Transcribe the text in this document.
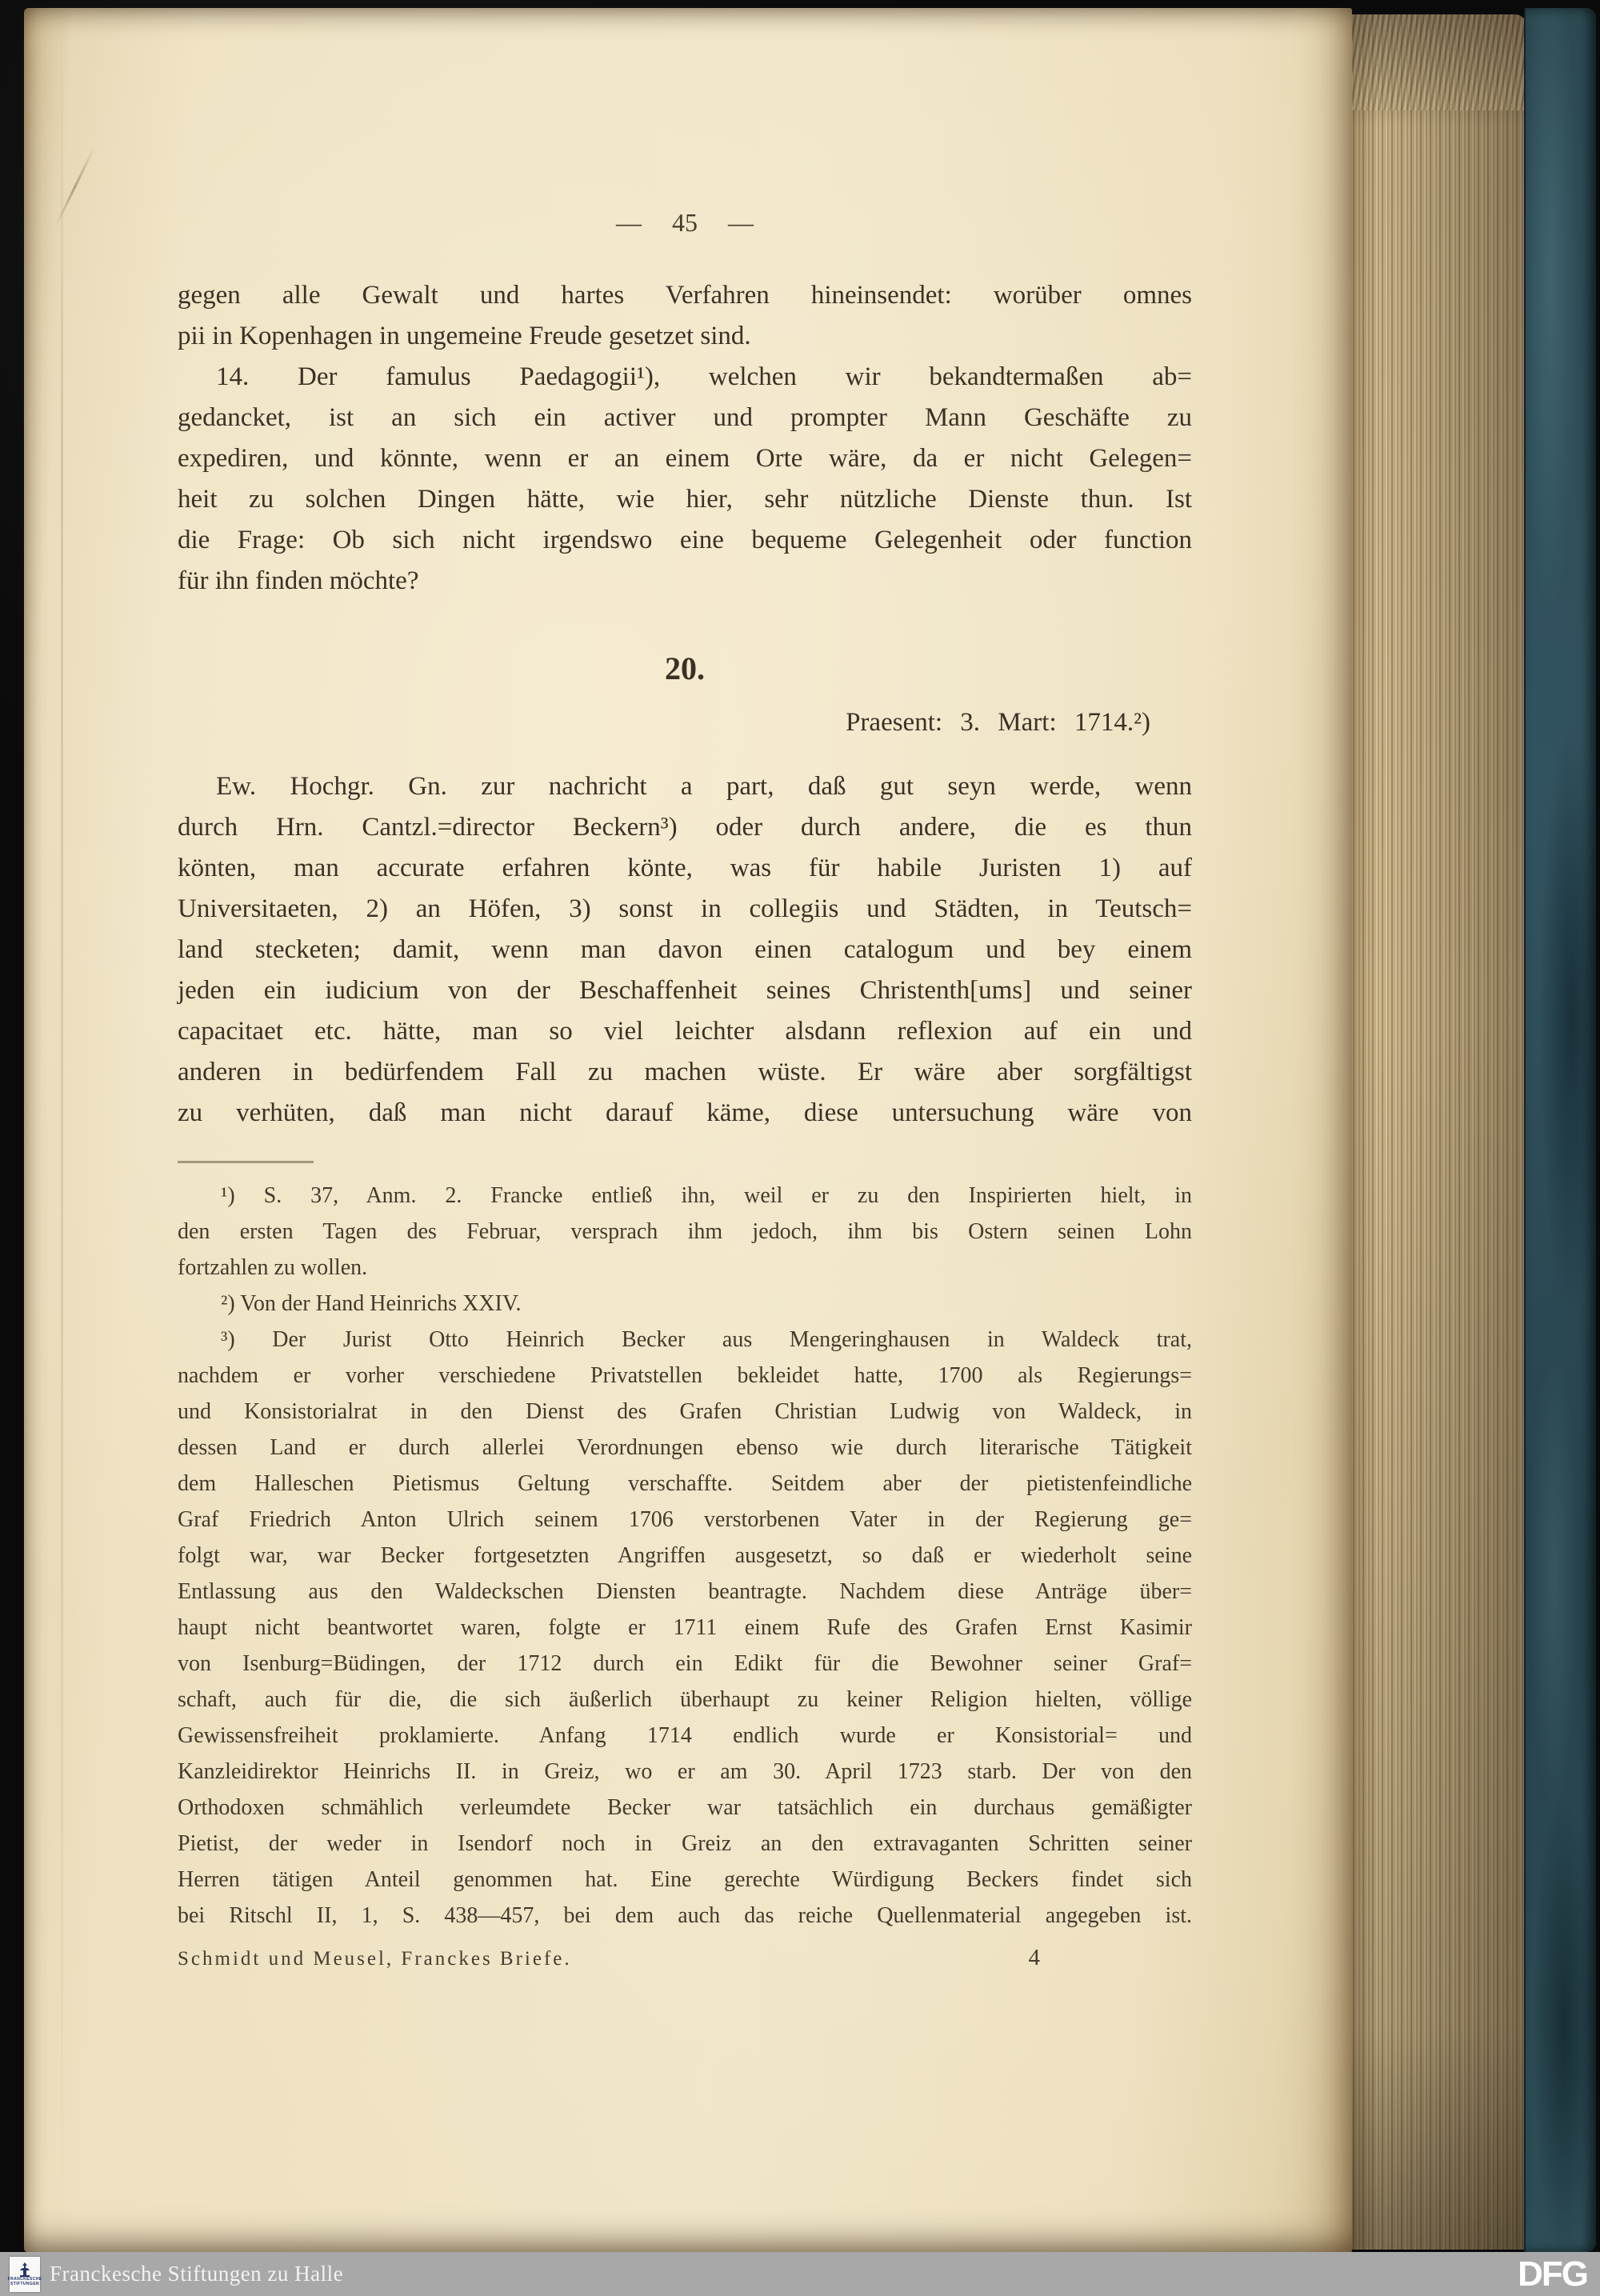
— 45 —
gegen alle Gewalt und hartes Verfahren hineinsendet: worüber omnes
pii in Kopenhagen in ungemeine Freude gesetzet sind.
14. Der famulus Paedagogii¹), welchen wir bekandtermaßen ab=
gedancket, ist an sich ein activer und prompter Mann Geschäfte zu
expediren, und könnte, wenn er an einem Orte wäre, da er nicht Gelegen=
heit zu solchen Dingen hätte, wie hier, sehr nützliche Dienste thun. Ist
die Frage: Ob sich nicht irgendswo eine bequeme Gelegenheit oder function
für ihn finden möchte?
20.
Praesent: 3. Mart: 1714.²)
Ew. Hochgr. Gn. zur nachricht a part, daß gut seyn werde, wenn
durch Hrn. Cantzl.=director Beckern³) oder durch andere, die es thun
könten, man accurate erfahren könte, was für habile Juristen 1) auf
Universitaeten, 2) an Höfen, 3) sonst in collegiis und Städten, in Teutsch=
land stecketen; damit, wenn man davon einen catalogum und bey einem
jeden ein iudicium von der Beschaffenheit seines Christenth[ums] und seiner
capacitaet etc. hätte, man so viel leichter alsdann reflexion auf ein und
anderen in bedürfendem Fall zu machen wüste. Er wäre aber sorgfältigst
zu verhüten, daß man nicht darauf käme, diese untersuchung wäre von
¹) S. 37, Anm. 2. Francke entließ ihn, weil er zu den Inspirierten hielt, in
den ersten Tagen des Februar, versprach ihm jedoch, ihm bis Ostern seinen Lohn
fortzahlen zu wollen.
²) Von der Hand Heinrichs XXIV.
³) Der Jurist Otto Heinrich Becker aus Mengeringhausen in Waldeck trat,
nachdem er vorher verschiedene Privatstellen bekleidet hatte, 1700 als Regierungs=
und Konsistorialrat in den Dienst des Grafen Christian Ludwig von Waldeck, in
dessen Land er durch allerlei Verordnungen ebenso wie durch literarische Tätigkeit
dem Halleschen Pietismus Geltung verschaffte. Seitdem aber der pietistenfeindliche
Graf Friedrich Anton Ulrich seinem 1706 verstorbenen Vater in der Regierung ge=
folgt war, war Becker fortgesetzten Angriffen ausgesetzt, so daß er wiederholt seine
Entlassung aus den Waldeckschen Diensten beantragte. Nachdem diese Anträge über=
haupt nicht beantwortet waren, folgte er 1711 einem Rufe des Grafen Ernst Kasimir
von Isenburg=Büdingen, der 1712 durch ein Edikt für die Bewohner seiner Graf=
schaft, auch für die, die sich äußerlich überhaupt zu keiner Religion hielten, völlige
Gewissensfreiheit proklamierte. Anfang 1714 endlich wurde er Konsistorial= und
Kanzleidirektor Heinrichs II. in Greiz, wo er am 30. April 1723 starb. Der von den
Orthodoxen schmählich verleumdete Becker war tatsächlich ein durchaus gemäßigter
Pietist, der weder in Isendorf noch in Greiz an den extravaganten Schritten seiner
Herren tätigen Anteil genommen hat. Eine gerechte Würdigung Beckers findet sich
bei Ritschl II, 1, S. 438—457, bei dem auch das reiche Quellenmaterial angegeben ist.
Schmidt und Meusel, Franckes Briefe.	4
FRANCKESCHE
STIFTUNGEN Franckesche Stiftungen zu Halle	DFG
